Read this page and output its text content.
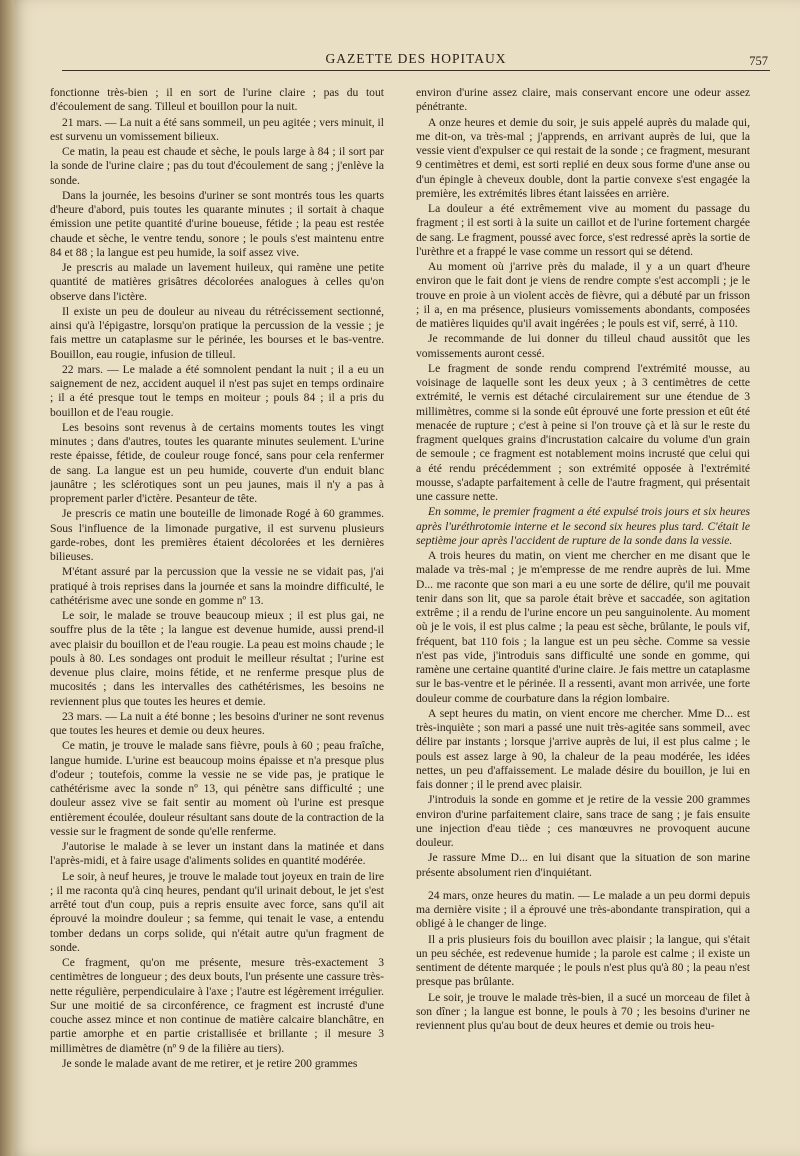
GAZETTE DES HOPITAUX	757

fonctionne très-bien ; il en sort de l'urine claire ; pas du tout d'écoulement de sang. Tilleul et bouillon pour la nuit.

21 mars. — La nuit a été sans sommeil, un peu agitée ; vers minuit, il est survenu un vomissement bilieux.

Ce matin, la peau est chaude et sèche, le pouls large à 84 ; il sort par la sonde de l'urine claire ; pas du tout d'écoulement de sang ; j'enlève la sonde.

Dans la journée, les besoins d'uriner se sont montrés tous les quarts d'heure d'abord, puis toutes les quarante minutes ; il sortait à chaque émission une petite quantité d'urine boueuse, fétide ; la peau est restée chaude et sèche, le ventre tendu, sonore ; le pouls s'est maintenu entre 84 et 88 ; la langue est peu humide, la soif assez vive.

Je prescris au malade un lavement huileux, qui ramène une petite quantité de matières grisâtres décolorées analogues à celles qu'on observe dans l'ictère.

Il existe un peu de douleur au niveau du rétrécissement sectionné, ainsi qu'à l'épigastre, lorsqu'on pratique la percussion de la vessie ; je fais mettre un cataplasme sur le périnée, les bourses et le bas-ventre. Bouillon, eau rougie, infusion de tilleul.

22 mars. — Le malade a été somnolent pendant la nuit ; il a eu un saignement de nez, accident auquel il n'est pas sujet en temps ordinaire ; il a été presque tout le temps en moiteur ; pouls 84 ; il a pris du bouillon et de l'eau rougie.

Les besoins sont revenus à de certains moments toutes les vingt minutes ; dans d'autres, toutes les quarante minutes seulement. L'urine reste épaisse, fétide, de couleur rouge foncé, sans pour cela renfermer de sang. La langue est un peu humide, couverte d'un enduit blanc jaunâtre ; les sclérotiques sont un peu jaunes, mais il n'y a pas à proprement parler d'ictère. Pesanteur de tête.

Je prescris ce matin une bouteille de limonade Rogé à 60 grammes. Sous l'influence de la limonade purgative, il est survenu plusieurs garde-robes, dont les premières étaient décolorées et les dernières bilieuses.

M'étant assuré par la percussion que la vessie ne se vidait pas, j'ai pratiqué à trois reprises dans la journée et sans la moindre difficulté, le cathétérisme avec une sonde en gomme nº 13.

Le soir, le malade se trouve beaucoup mieux ; il est plus gai, ne souffre plus de la tête ; la langue est devenue humide, aussi prend-il avec plaisir du bouillon et de l'eau rougie. La peau est moins chaude ; le pouls à 80. Les sondages ont produit le meilleur résultat ; l'urine est devenue plus claire, moins fétide, et ne renferme presque plus de mucosités ; dans les intervalles des cathétérismes, les besoins ne reviennent plus que toutes les heures et demie.

23 mars. — La nuit a été bonne ; les besoins d'uriner ne sont revenus que toutes les heures et demie ou deux heures.

Ce matin, je trouve le malade sans fièvre, pouls à 60 ; peau fraîche, langue humide. L'urine est beaucoup moins épaisse et n'a presque plus d'odeur ; toutefois, comme la vessie ne se vide pas, je pratique le cathétérisme avec la sonde nº 13, qui pénètre sans difficulté ; une douleur assez vive se fait sentir au moment où l'urine est presque entièrement écoulée, douleur résultant sans doute de la contraction de la vessie sur le fragment de sonde qu'elle renferme.

J'autorise le malade à se lever un instant dans la matinée et dans l'après-midi, et à faire usage d'aliments solides en quantité modérée.

Le soir, à neuf heures, je trouve le malade tout joyeux en train de lire ; il me raconta qu'à cinq heures, pendant qu'il urinait debout, le jet s'est arrêté tout d'un coup, puis a repris ensuite avec force, sans qu'il ait éprouvé la moindre douleur ; sa femme, qui tenait le vase, a entendu tomber dedans un corps solide, qui n'était autre qu'un fragment de sonde.

Ce fragment, qu'on me présente, mesure très-exactement 3 centimètres de longueur ; des deux bouts, l'un présente une cassure très-nette régulière, perpendiculaire à l'axe ; l'autre est légèrement irrégulier. Sur une moitié de sa circonférence, ce fragment est incrusté d'une couche assez mince et non continue de matière calcaire blanchâtre, en partie amorphe et en partie cristallisée et brillante ; il mesure 3 millimètres de diamètre (nº 9 de la filière au tiers).

Je sonde le malade avant de me retirer, et je retire 200 grammes

environ d'urine assez claire, mais conservant encore une odeur assez pénétrante.

A onze heures et demie du soir, je suis appelé auprès du malade qui, me dit-on, va très-mal ; j'apprends, en arrivant auprès de lui, que la vessie vient d'expulser ce qui restait de la sonde ; ce fragment, mesurant 9 centimètres et demi, est sorti replié en deux sous forme d'une anse ou d'un épingle à cheveux double, dont la partie convexe s'est engagée la première, les extrémités libres étant laissées en arrière.

La douleur a été extrêmement vive au moment du passage du fragment ; il est sorti à la suite un caillot et de l'urine fortement chargée de sang. Le fragment, poussé avec force, s'est redressé après la sortie de l'urèthre et a frappé le vase comme un ressort qui se détend.

Au moment où j'arrive près du malade, il y a un quart d'heure environ que le fait dont je viens de rendre compte s'est accompli ; je le trouve en proie à un violent accès de fièvre, qui a débuté par un frisson ; il a, en ma présence, plusieurs vomissements abondants, composées de matières liquides qu'il avait ingérées ; le pouls est vif, serré, à 110.

Je recommande de lui donner du tilleul chaud aussitôt que les vomissements auront cessé.

Le fragment de sonde rendu comprend l'extrémité mousse, au voisinage de laquelle sont les deux yeux ; à 3 centimètres de cette extrémité, le vernis est détaché circulairement sur une étendue de 3 millimètres, comme si la sonde eût éprouvé une forte pression et eût été menacée de rupture ; c'est à peine si l'on trouve çà et là sur le reste du fragment quelques grains d'incrustation calcaire du volume d'un grain de semoule ; ce fragment est notablement moins incrusté que celui qui a été rendu précédemment ; son extrémité opposée à l'extrémité mousse, s'adapte parfaitement à celle de l'autre fragment, qui présentait une cassure nette.

En somme, le premier fragment a été expulsé trois jours et six heures après l'uréthrotomie interne et le second six heures plus tard. C'était le septième jour après l'accident de rupture de la sonde dans la vessie.

A trois heures du matin, on vient me chercher en me disant que le malade va très-mal ; je m'empresse de me rendre auprès de lui. Mme D... me raconte que son mari a eu une sorte de délire, qu'il me pouvait tenir dans son lit, que sa parole était brève et saccadée, son agitation extrême ; il a rendu de l'urine encore un peu sanguinolente. Au moment où je le vois, il est plus calme ; la peau est sèche, brûlante, le pouls vif, fréquent, bat 110 fois ; la langue est un peu sèche. Comme sa vessie n'est pas vide, j'introduis sans difficulté une sonde en gomme, qui ramène une certaine quantité d'urine claire. Je fais mettre un cataplasme sur le bas-ventre et le périnée. Il a ressenti, avant mon arrivée, une forte douleur comme de courbature dans la région lombaire.

A sept heures du matin, on vient encore me chercher. Mme D... est très-inquiète ; son mari a passé une nuit très-agitée sans sommeil, avec délire par instants ; lorsque j'arrive auprès de lui, il est plus calme ; le pouls est assez large à 90, la chaleur de la peau modérée, les idées nettes, un peu d'affaissement. Le malade désire du bouillon, je lui en fais donner ; il le prend avec plaisir.

J'introduis la sonde en gomme et je retire de la vessie 200 grammes environ d'urine parfaitement claire, sans trace de sang ; je fais ensuite une injection d'eau tiède ; ces manœuvres ne provoquent aucune douleur.

Je rassure Mme D... en lui disant que la situation de son marine présente absolument rien d'inquiétant.

24 mars, onze heures du matin. — Le malade a un peu dormi depuis ma dernière visite ; il a éprouvé une très-abondante transpiration, qui a obligé à le changer de linge.

Il a pris plusieurs fois du bouillon avec plaisir ; la langue, qui s'était un peu séchée, est redevenue humide ; la parole est calme ; il existe un sentiment de détente marquée ; le pouls n'est plus qu'à 80 ; la peau n'est presque pas brûlante.

Le soir, je trouve le malade très-bien, il a sucé un morceau de filet à son dîner ; la langue est bonne, le pouls à 70 ; les besoins d'uriner ne reviennent plus qu'au bout de deux heures et demie ou trois heu-
